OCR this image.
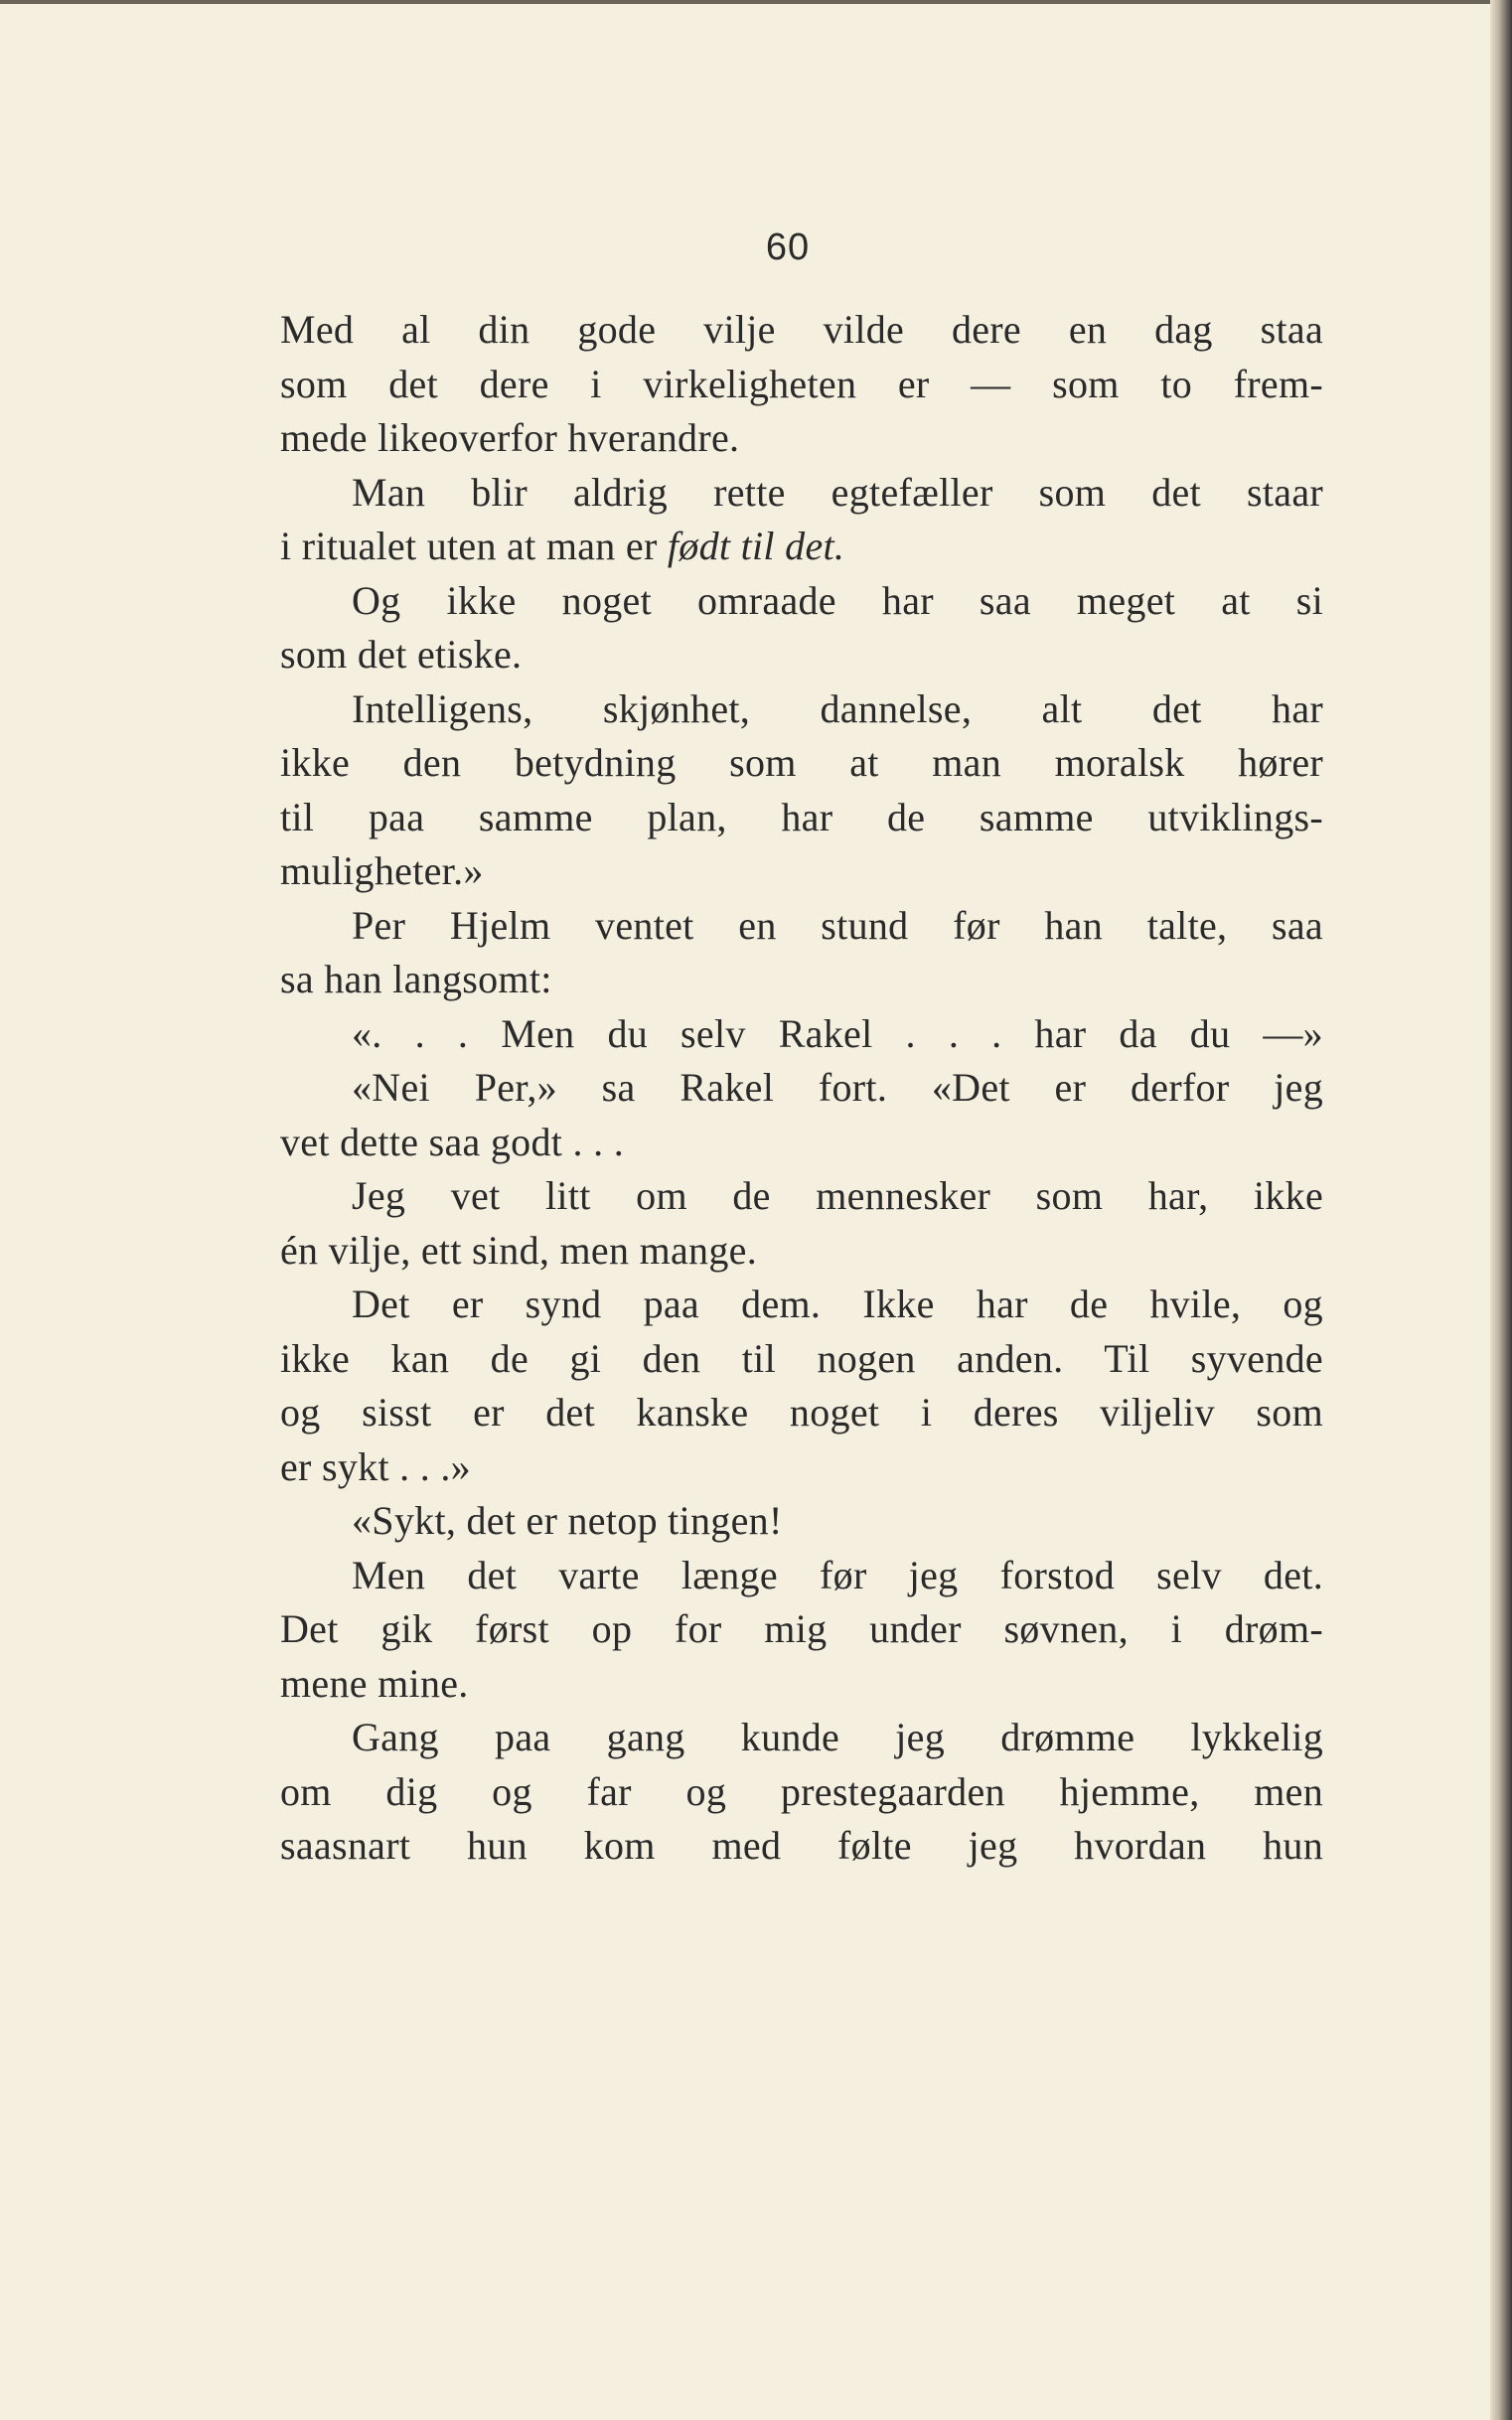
60
Med al din gode vilje vilde dere en dag staa
som det dere i virkeligheten er — som to frem-
mede likeoverfor hverandre.
Man blir aldrig rette egtefæller som det staar
i ritualet uten at man er født til det.
Og ikke noget omraade har saa meget at si
som det etiske.
Intelligens, skjønhet, dannelse, alt det har
ikke den betydning som at man moralsk hører
til paa samme plan, har de samme utviklings-
muligheter.»
Per Hjelm ventet en stund før han talte, saa
sa han langsomt:
«. . . Men du selv Rakel . . . har da du —»
«Nei Per,» sa Rakel fort. «Det er derfor jeg
vet dette saa godt . . .
Jeg vet litt om de mennesker som har, ikke
én vilje, ett sind, men mange.
Det er synd paa dem. Ikke har de hvile, og
ikke kan de gi den til nogen anden. Til syvende
og sisst er det kanske noget i deres viljeliv som
er sykt . . .»
«Sykt, det er netop tingen!
Men det varte længe før jeg forstod selv det.
Det gik først op for mig under søvnen, i drøm-
mene mine.
Gang paa gang kunde jeg drømme lykkelig
om dig og far og prestegaarden hjemme, men
saasnart hun kom med følte jeg hvordan hun
